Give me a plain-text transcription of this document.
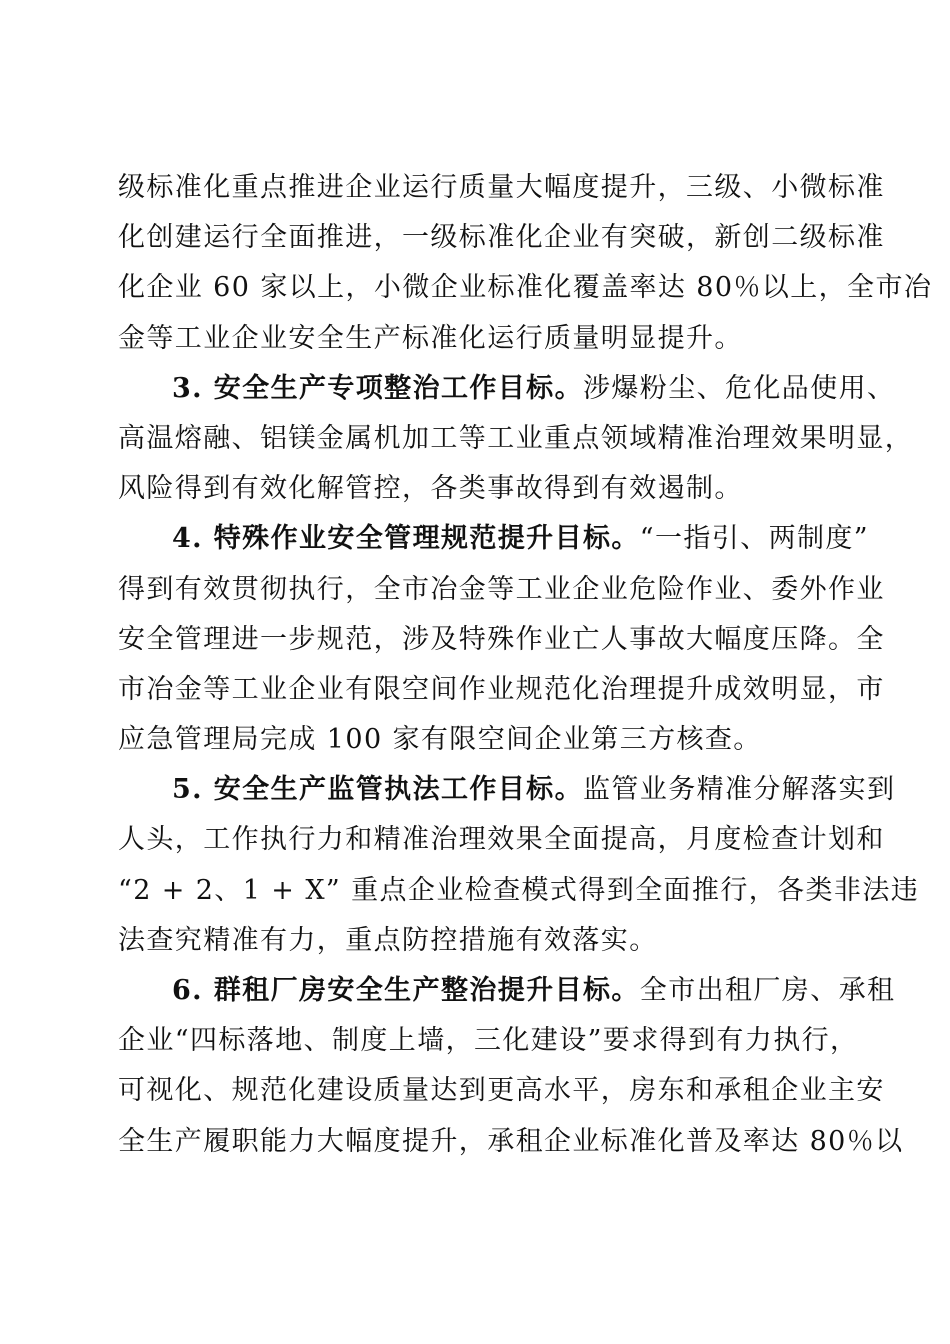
级标准化重点推进企业运行质量大幅度提升，三级、小微标准
化创建运行全面推进，一级标准化企业有突破，新创二级标准
化企业 60 家以上，小微企业标准化覆盖率达 80％以上，全市冶
金等工业企业安全生产标准化运行质量明显提升。
3. 安全生产专项整治工作目标。涉爆粉尘、危化品使用、
高温熔融、铝镁金属机加工等工业重点领域精准治理效果明显，
风险得到有效化解管控，各类事故得到有效遏制。
4. 特殊作业安全管理规范提升目标。“一指引、两制度”
得到有效贯彻执行，全市冶金等工业企业危险作业、委外作业
安全管理进一步规范，涉及特殊作业亡人事故大幅度压降。全
市冶金等工业企业有限空间作业规范化治理提升成效明显，市
应急管理局完成 100 家有限空间企业第三方核查。
5. 安全生产监管执法工作目标。监管业务精准分解落实到
人头，工作执行力和精准治理效果全面提高，月度检查计划和
“2 + 2、1 + X” 重点企业检查模式得到全面推行，各类非法违
法查究精准有力，重点防控措施有效落实。
6. 群租厂房安全生产整治提升目标。全市出租厂房、承租
企业“四标落地、制度上墙，三化建设”要求得到有力执行，
可视化、规范化建设质量达到更高水平，房东和承租企业主安
全生产履职能力大幅度提升，承租企业标准化普及率达 80％以
